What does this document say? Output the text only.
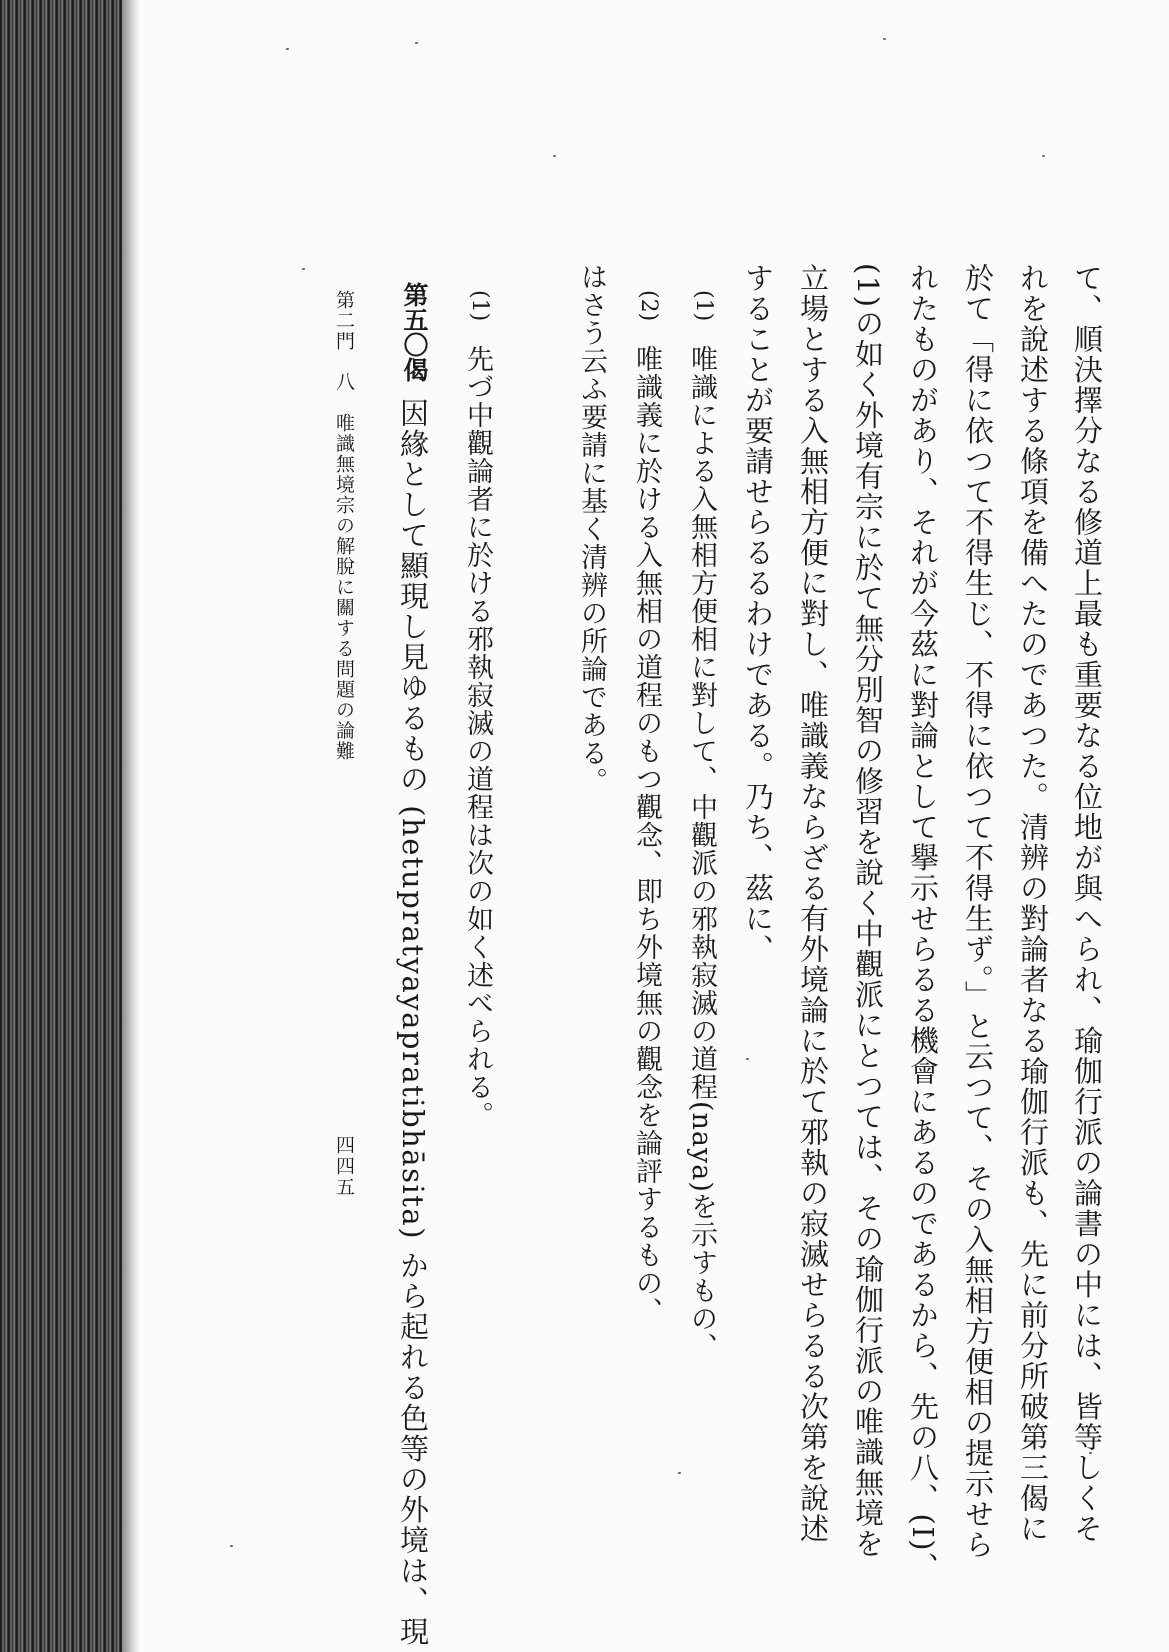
て、順決擇分なる修道上最も重要なる位地が與へられ、瑜伽行派の論書の中には、皆等しくそ
れを說述する條項を備へたのであつた。清辨の對論者なる瑜伽行派も、先に前分所破第三偈に
於て「得に依つて不得生じ、不得に依つて不得生ず。」と云つて、その入無相方便相の提示せら
れたものがあり、それが今茲に對論として擧示せらるる機會にあるのであるから、先の八、(I)、
(1)の如く外境有宗に於て無分別智の修習を說く中觀派にとつては、その瑜伽行派の唯識無境を
立場とする入無相方便に對し、唯識義ならざる有外境論に於て邪執の寂滅せらるる次第を說述
することが要請せらるるわけである。乃ち、茲に、
(1)
唯識による入無相方便相に對して、中觀派の邪執寂滅の道程(naya)を示すもの、
(2)
唯識義に於ける入無相の道程のもつ觀念、即ち外境無の觀念を論評するもの、
はさう云ふ要請に基く清辨の所論である。
(1)
先づ中觀論者に於ける邪執寂滅の道程は次の如く述べられる。
第五〇偈
因緣として顯現し見ゆるもの (hetupratyayapratibhāsita) から起れる色等の外境は、現
第二門　八　唯識無境宗の解脫に關する問題の論難
四四五
